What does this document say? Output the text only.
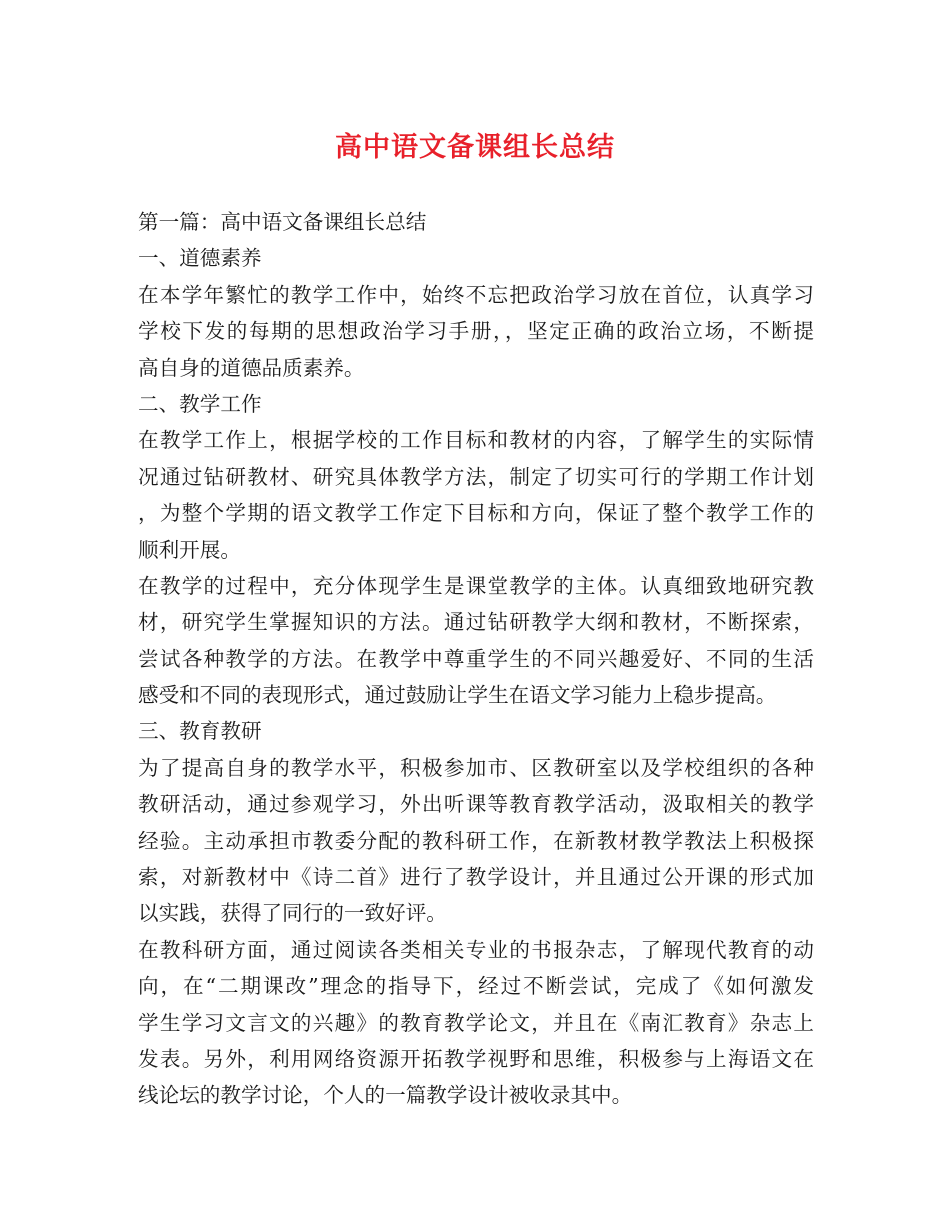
高中语文备课组长总结
第一篇：高中语文备课组长总结
一、道德素养
在本学年繁忙的教学工作中，始终不忘把政治学习放在首位，认真学习
学校下发的每期的思想政治学习手册，，坚定正确的政治立场，不断提
高自身的道德品质素养。
二、教学工作
在教学工作上，根据学校的工作目标和教材的内容，了解学生的实际情
况通过钻研教材、研究具体教学方法，制定了切实可行的学期工作计划
，为整个学期的语文教学工作定下目标和方向，保证了整个教学工作的
顺利开展。
在教学的过程中，充分体现学生是课堂教学的主体。认真细致地研究教
材，研究学生掌握知识的方法。通过钻研教学大纲和教材，不断探索，
尝试各种教学的方法。在教学中尊重学生的不同兴趣爱好、不同的生活
感受和不同的表现形式，通过鼓励让学生在语文学习能力上稳步提高。
三、教育教研
为了提高自身的教学水平，积极参加市、区教研室以及学校组织的各种
教研活动，通过参观学习，外出听课等教育教学活动，汲取相关的教学
经验。主动承担市教委分配的教科研工作，在新教材教学教法上积极探
索，对新教材中《诗二首》进行了教学设计，并且通过公开课的形式加
以实践，获得了同行的一致好评。
在教科研方面，通过阅读各类相关专业的书报杂志，了解现代教育的动
向，在“二期课改”理念的指导下，经过不断尝试，完成了《如何激发
学生学习文言文的兴趣》的教育教学论文，并且在《南汇教育》杂志上
发表。另外，利用网络资源开拓教学视野和思维，积极参与上海语文在
线论坛的教学讨论，个人的一篇教学设计被收录其中。
